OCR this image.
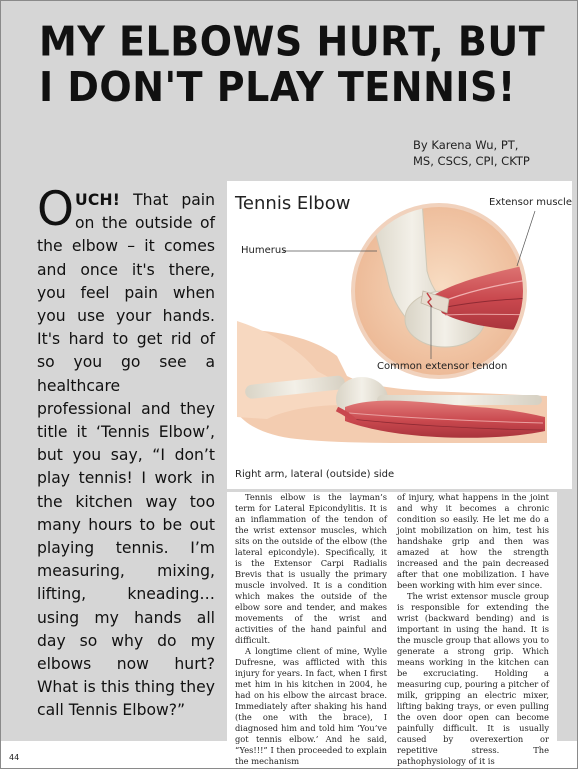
MY ELBOWS HURT, BUT I DON'T PLAY TENNIS!
By Karena Wu, PT,
MS, CSCS, CPI, CKTP
OUCH! That pain on the outside of the elbow – it comes and once it's there, you feel pain when you use your hands. It's hard to get rid of so you go see a healthcare professional and they title it ‘Tennis Elbow’, but you say, “I don’t play tennis! I work in the kitchen way too many hours to be out playing tennis. I’m measuring, mixing, lifting, kneading… using my hands all day so why do my elbows now hurt? What is this thing they call Tennis Elbow?”
Tennis Elbow
Humerus
Extensor muscle
Common extensor tendon
Right arm, lateral (outside) side

Tennis elbow is the layman’s term for Lateral Epicondylitis. It is an inflammation of the tendon of the wrist extensor muscles, which sits on the outside of the elbow (the lateral epicondyle). Specifically, it is the Extensor Carpi Radialis Brevis that is usually the primary muscle involved. It is a condition which makes the outside of the elbow sore and tender, and makes movements of the wrist and activities of the hand painful and difficult.

A longtime client of mine, Wylie Dufresne, was afflicted with this injury for years. In fact, when I first met him in his kitchen in 2004, he had on his elbow the aircast brace. Immediately after shaking his hand (the one with the brace), I diagnosed him and told him ‘You’ve got tennis elbow.’ And he said, “Yes!!!” I then proceeded to explain the mechanism

of injury, what happens in the joint and why it becomes a chronic condition so easily. He let me do a joint mobilization on him, test his handshake grip and then was amazed at how the strength increased and the pain decreased after that one mobilization. I have been working with him ever since.

The wrist extensor muscle group is responsible for extending the wrist (backward bending) and is important in using the hand. It is the muscle group that allows you to generate a strong grip. Which means working in the kitchen can be excruciating. Holding a measuring cup, pouring a pitcher of milk, gripping an electric mixer, lifting baking trays, or even pulling the oven door open can become painfully difficult. It is usually caused by overexertion or repetitive stress. The pathophysiology of it is

44
